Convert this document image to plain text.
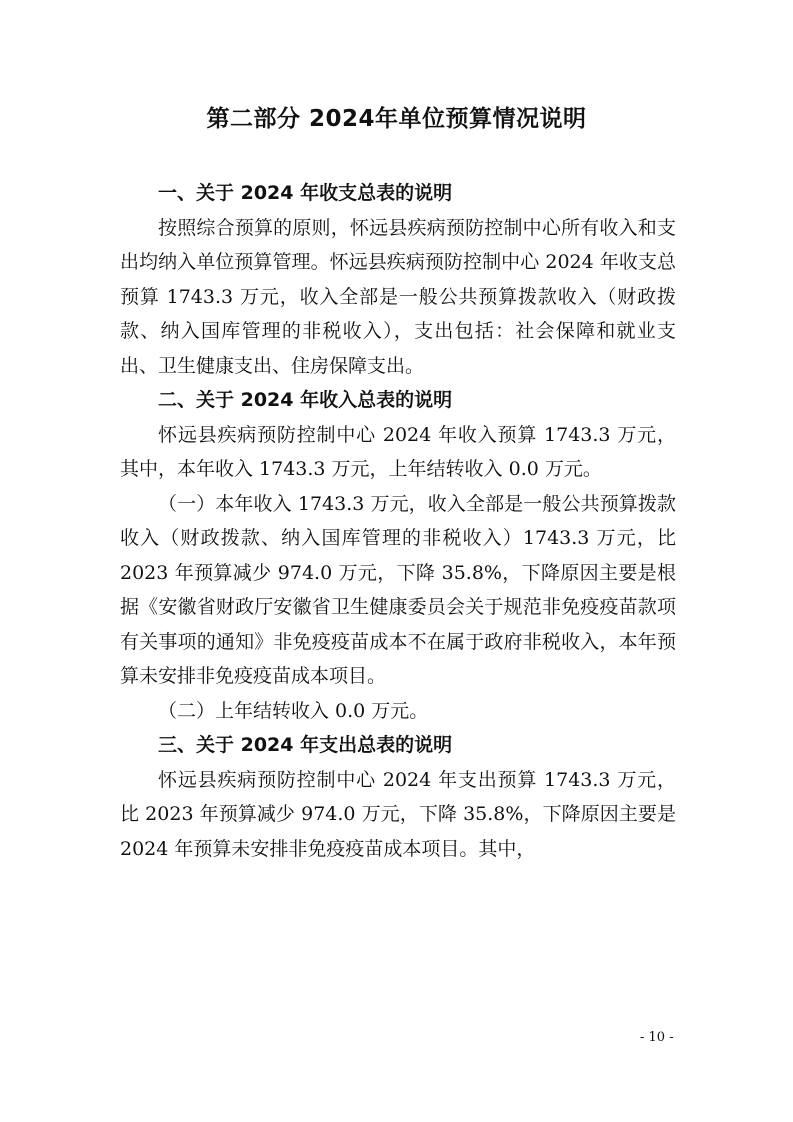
第二部分 2024年单位预算情况说明

一、关于 2024 年收支总表的说明

按照综合预算的原则，怀远县疾病预防控制中心所有收入和支出均纳入单位预算管理。怀远县疾病预防控制中心 2024 年收支总预算 1743.3 万元，收入全部是一般公共预算拨款收入（财政拨款、纳入国库管理的非税收入），支出包括：社会保障和就业支出、卫生健康支出、住房保障支出。

二、关于 2024 年收入总表的说明

怀远县疾病预防控制中心 2024 年收入预算 1743.3 万元，其中，本年收入 1743.3 万元，上年结转收入 0.0 万元。

（一）本年收入 1743.3 万元，收入全部是一般公共预算拨款收入（财政拨款、纳入国库管理的非税收入）1743.3 万元，比 2023 年预算减少 974.0 万元，下降 35.8%，下降原因主要是根据《安徽省财政厅安徽省卫生健康委员会关于规范非免疫疫苗款项有关事项的通知》非免疫疫苗成本不在属于政府非税收入，本年预算未安排非免疫疫苗成本项目。

（二）上年结转收入 0.0 万元。

三、关于 2024 年支出总表的说明

怀远县疾病预防控制中心 2024 年支出预算 1743.3 万元，比 2023 年预算减少 974.0 万元，下降 35.8%，下降原因主要是 2024 年预算未安排非免疫疫苗成本项目。其中，

- 10 -
